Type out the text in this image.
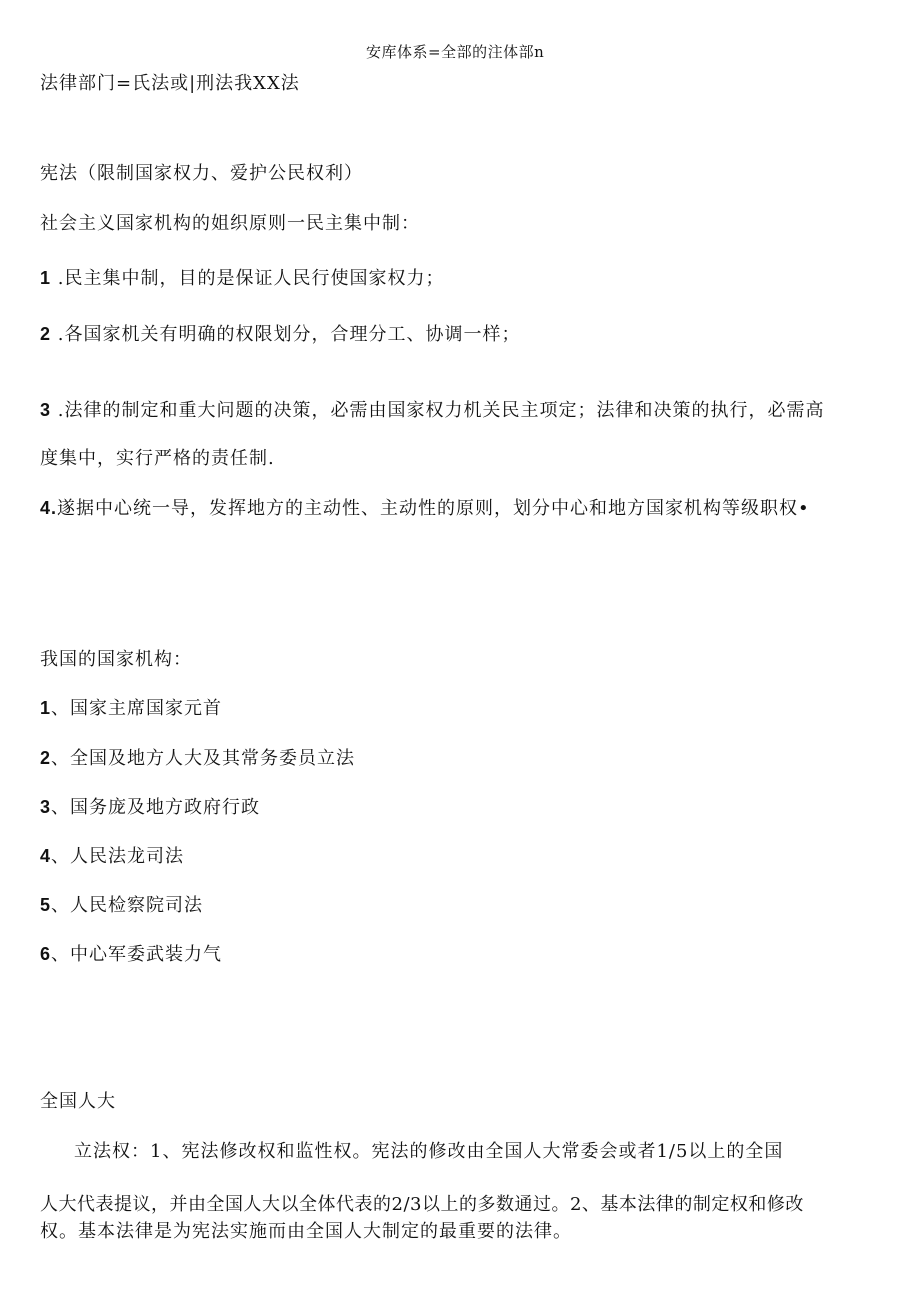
安库体系=全部的注体部n
法律部门=氏法或|刑法我XX法
宪法（限制国家权力、爱护公民权利）
社会主义国家机构的姐织原则一民主集中制：
1 .民主集中制，目的是保证人民行使国家权力；
2 .各国家机关有明确的权限划分，合理分工、协调一样；
3 .法律的制定和重大问题的决策，必需由国家权力机关民主项定；法律和决策的执行，必需高
度集中，实行严格的责任制.
4.遂据中心统一导，发挥地方的主动性、主动性的原则，划分中心和地方国家机构等级职权•
我国的国家机构：
1、国家主席国家元首
2、全国及地方人大及其常务委员立法
3、国务庞及地方政府行政
4、人民法龙司法
5、人民检察院司法
6、中心军委武装力气
全国人大
立法权：1、宪法修改权和监性权。宪法的修改由全国人大常委会或者1/5以上的全国
人大代表提议，并由全国人大以全体代表的2/3以上的多数通过。2、基本法律的制定权和修改
权。基本法律是为宪法实施而由全国人大制定的最重要的法律。
